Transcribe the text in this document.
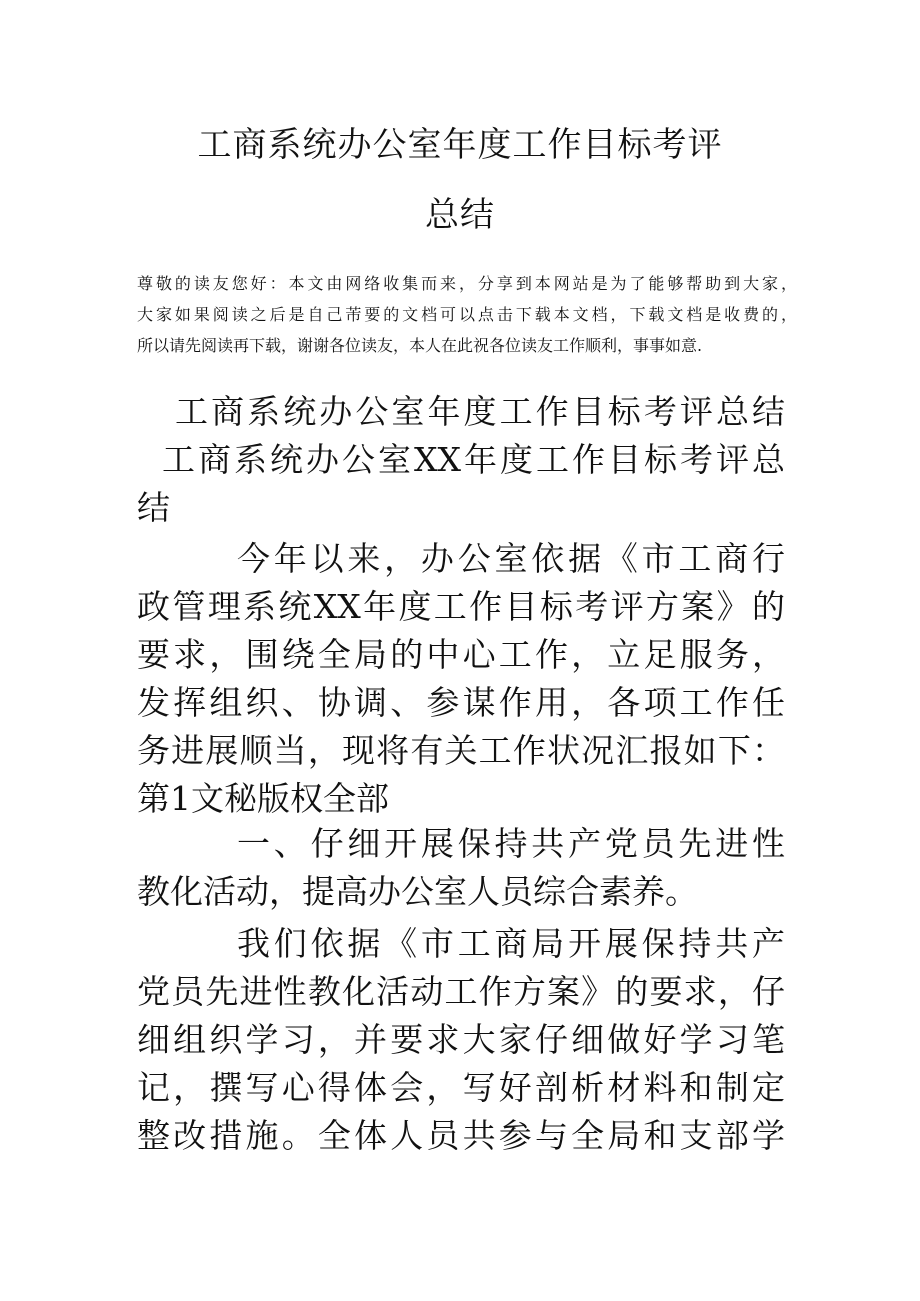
工商系统办公室年度工作目标考评
总结
尊敬的读友您好：本文由网络收集而来，分享到本网站是为了能够帮助到大家，
大家如果阅读之后是自己芾要的文档可以点击下载本文档，下载文档是收费的，
所以请先阅读再下载，谢谢各位读友，本人在此祝各位读友工作顺利，事事如意.
工商系统办公室年度工作目标考评总结
工商系统办公室XX年度工作目标考评总
结
今年以来，办公室依据《市工商行
政管理系统XX年度工作目标考评方案》的
要求，围绕全局的中心工作，立足服务，
发挥组织、协调、参谋作用，各项工作任
务进展顺当，现将有关工作状况汇报如下：
第1文秘版权全部
一、仔细开展保持共产党员先进性
教化活动，提高办公室人员综合素养。
我们依据《市工商局开展保持共产
党员先进性教化活动工作方案》的要求，仔
细组织学习，并要求大家仔细做好学习笔
记，撰写心得体会，写好剖析材料和制定
整改措施。全体人员共参与全局和支部学
